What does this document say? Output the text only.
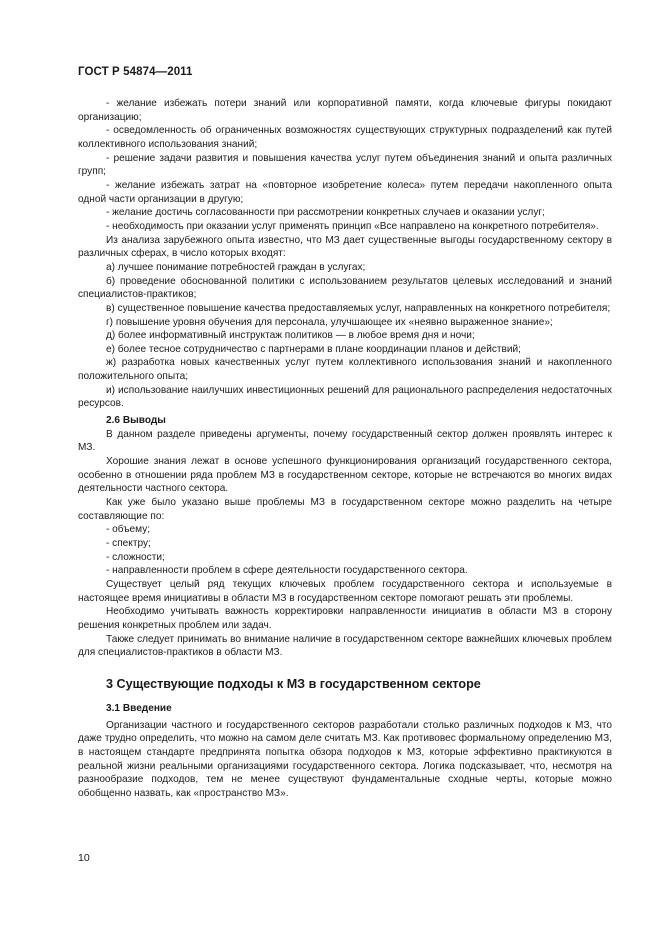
ГОСТ Р 54874—2011

- желание избежать потери знаний или корпоративной памяти, когда ключевые фигуры покидают организацию;

- осведомленность об ограниченных возможностях существующих структурных подразделений как путей коллективного использования знаний;

- решение задачи развития и повышения качества услуг путем объединения знаний и опыта различных групп;

- желание избежать затрат на «повторное изобретение колеса» путем передачи накопленного опыта одной части организации в другую;

- желание достичь согласованности при рассмотрении конкретных случаев и оказании услуг;

- необходимость при оказании услуг применять принцип «Все направлено на конкретного потребителя».

Из анализа зарубежного опыта известно, что МЗ дает существенные выгоды государственному сектору в различных сферах, в число которых входят:

а) лучшее понимание потребностей граждан в услугах;

б) проведение обоснованной политики с использованием результатов целевых исследований и знаний специалистов-практиков;

в) существенное повышение качества предоставляемых услуг, направленных на конкретного потребителя;

г) повышение уровня обучения для персонала, улучшающее их «неявно выраженное знание»;

д) более информативный инструктаж политиков — в любое время дня и ночи;

е) более тесное сотрудничество с партнерами в плане координации планов и действий;

ж) разработка новых качественных услуг путем коллективного использования знаний и накопленного положительного опыта;

и) использование наилучших инвестиционных решений для рационального распределения недостаточных ресурсов.

2.6 Выводы

В данном разделе приведены аргументы, почему государственный сектор должен проявлять интерес к МЗ.

Хорошие знания лежат в основе успешного функционирования организаций государственного сектора, особенно в отношении ряда проблем МЗ в государственном секторе, которые не встречаются во многих видах деятельности частного сектора.

Как уже было указано выше проблемы МЗ в государственном секторе можно разделить на четыре составляющие по:

- объему;

- спектру;

- сложности;

- направленности проблем в сфере деятельности государственного сектора.

Существует целый ряд текущих ключевых проблем государственного сектора и используемые в настоящее время инициативы в области МЗ в государственном секторе помогают решать эти проблемы.

Необходимо учитывать важность корректировки направленности инициатив в области МЗ в сторону решения конкретных проблем или задач.

Также следует принимать во внимание наличие в государственном секторе важнейших ключевых проблем для специалистов-практиков в области МЗ.

3 Существующие подходы к МЗ в государственном секторе

3.1 Введение

Организации частного и государственного секторов разработали столько различных подходов к МЗ, что даже трудно определить, что можно на самом деле считать МЗ. Как противовес формальному определению МЗ, в настоящем стандарте предпринята попытка обзора подходов к МЗ, которые эффективно практикуются в реальной жизни реальными организациями государственного сектора. Логика подсказывает, что, несмотря на разнообразие подходов, тем не менее существуют фундаментальные сходные черты, которые можно обобщенно назвать, как «пространство МЗ».

10
